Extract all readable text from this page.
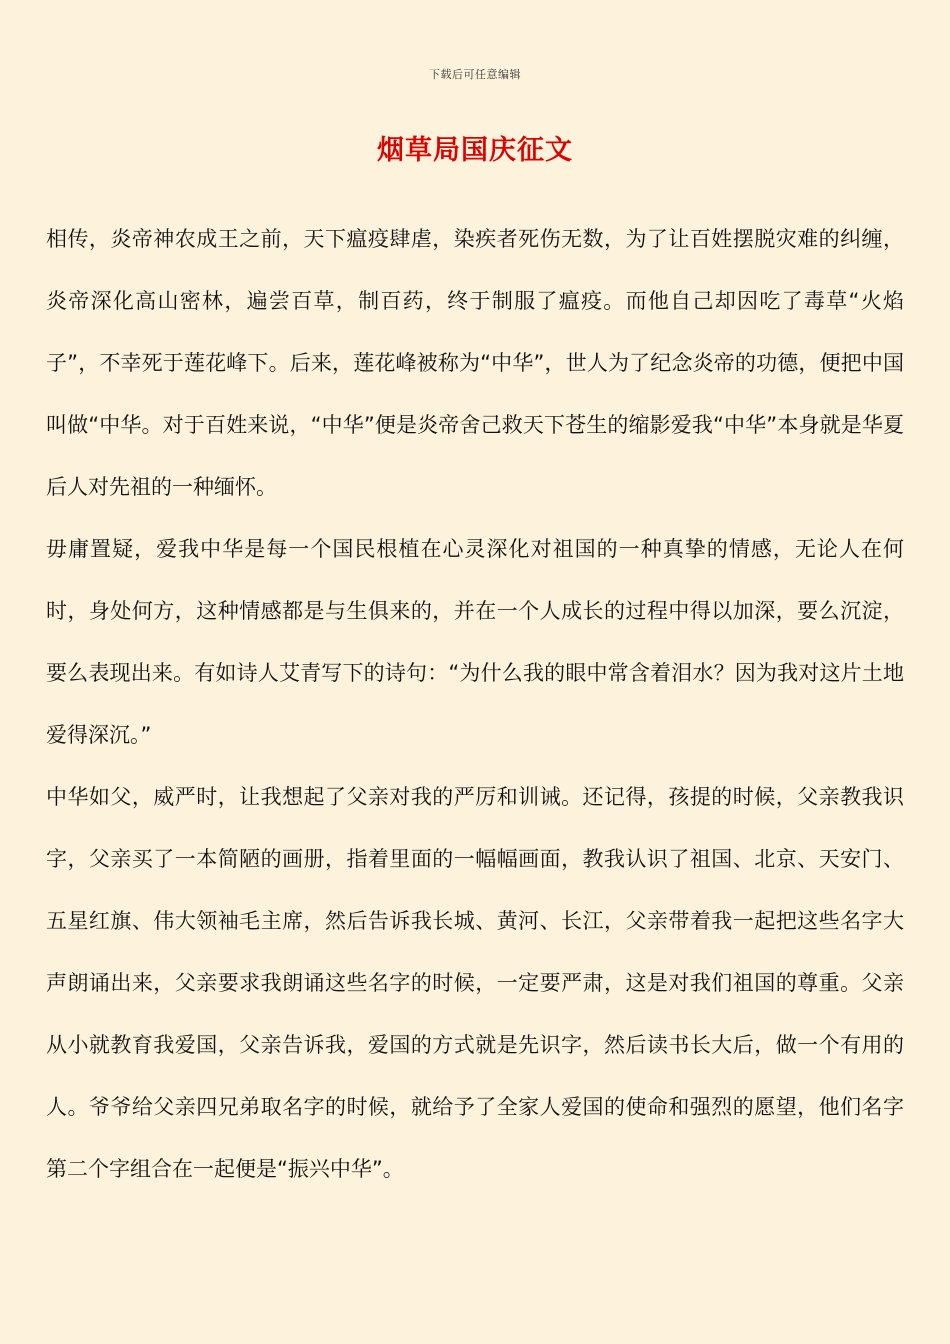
下载后可任意编辑
烟草局国庆征文

相传，炎帝神农成王之前，天下瘟疫肆虐，染疾者死伤无数，为了让百姓摆脱灾难的纠缠，炎帝深化高山密林，遍尝百草，制百药，终于制服了瘟疫。而他自己却因吃了毒草“火焰子”，不幸死于莲花峰下。后来，莲花峰被称为“中华”，世人为了纪念炎帝的功德，便把中国叫做“中华。对于百姓来说，“中华”便是炎帝舍己救天下苍生的缩影爱我“中华”本身就是华夏后人对先祖的一种缅怀。

毋庸置疑，爱我中华是每一个国民根植在心灵深化对祖国的一种真挚的情感，无论人在何时，身处何方，这种情感都是与生俱来的，并在一个人成长的过程中得以加深，要么沉淀，要么表现出来。有如诗人艾青写下的诗句：“为什么我的眼中常含着泪水？因为我对这片土地爱得深沉。”

中华如父，威严时，让我想起了父亲对我的严厉和训诫。还记得，孩提的时候，父亲教我识字，父亲买了一本简陋的画册，指着里面的一幅幅画面，教我认识了祖国、北京、天安门、五星红旗、伟大领袖毛主席，然后告诉我长城、黄河、长江，父亲带着我一起把这些名字大声朗诵出来，父亲要求我朗诵这些名字的时候，一定要严肃，这是对我们祖国的尊重。父亲从小就教育我爱国，父亲告诉我，爱国的方式就是先识字，然后读书长大后，做一个有用的人。爷爷给父亲四兄弟取名字的时候，就给予了全家人爱国的使命和强烈的愿望，他们名字第二个字组合在一起便是“振兴中华”。
